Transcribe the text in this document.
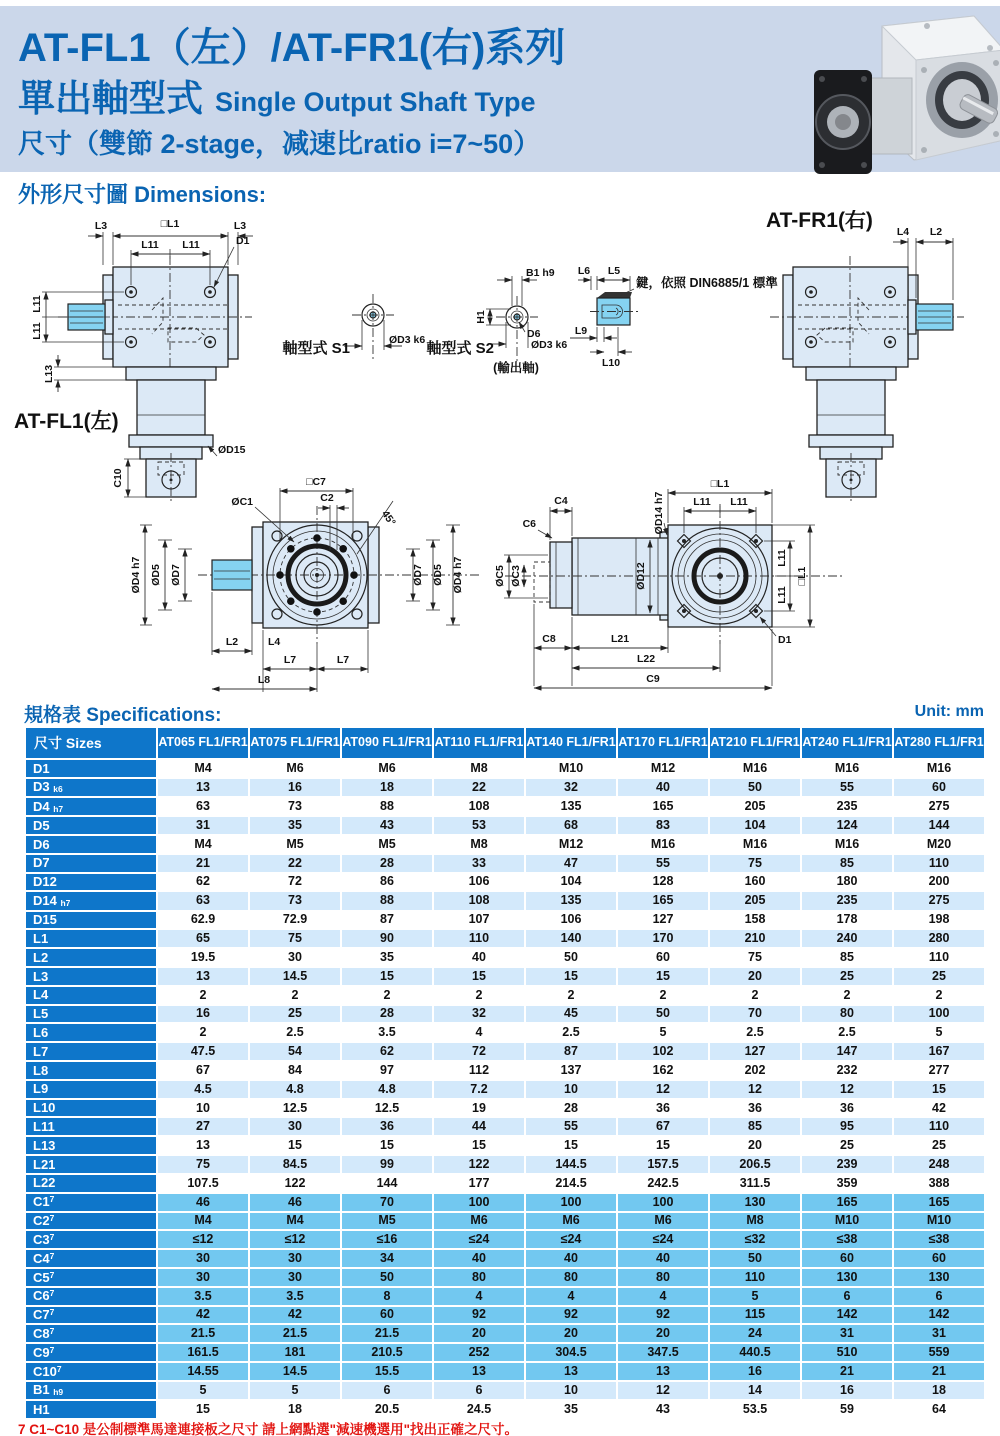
AT-FL1（左）/AT-FR1(右)系列
單出軸型式 Single Output Shaft Type
尺寸（雙節 2-stage，减速比ratio i=7~50）
外形尺寸圖 Dimensions:
L3	□L1	L3
L11 L11	D1
L11
L11
L13
C10
ØD15
AT-FL1(左)
ØD3 k6
軸型式 S1
B1 h9
H1
D6
ØD3 k6
軸型式 S2
(輸出軸)
L6 L5
鍵，依照 DIN6885/1 標準
L9
L10
AT-FR1(右) L4 L2
□C7
C2
ØC1
45°
ØD4 h7 ØD5 ØD7	ØD7 ØD5 ØD4 h7
L2	L4
L7	L7
L8
ØD12
ØD14 h7
□L1
L11 L11
C4
C6
ØC5 ØC3
L11
L11
□L1
D1
C8	L21
L22
C9
規格表 Specifications:	Unit: mm
尺寸 Sizes	AT065 FL1/FR1	AT075 FL1/FR1	AT090 FL1/FR1	AT110 FL1/FR1	AT140 FL1/FR1	AT170 FL1/FR1	AT210 FL1/FR1	AT240 FL1/FR1	AT280 FL1/FR1
D1	M4	M6	M6	M8	M10	M12	M16	M16	M16
D3 k6	13	16	18	22	32	40	50	55	60
D4 h7	63	73	88	108	135	165	205	235	275
D5	31	35	43	53	68	83	104	124	144
D6	M4	M5	M5	M8	M12	M16	M16	M16	M20
D7	21	22	28	33	47	55	75	85	110
D12	62	72	86	106	104	128	160	180	200
D14 h7	63	73	88	108	135	165	205	235	275
D15	62.9	72.9	87	107	106	127	158	178	198
L1	65	75	90	110	140	170	210	240	280
L2	19.5	30	35	40	50	60	75	85	110
L3	13	14.5	15	15	15	15	20	25	25
L4	2	2	2	2	2	2	2	2	2
L5	16	25	28	32	45	50	70	80	100
L6	2	2.5	3.5	4	2.5	5	2.5	2.5	5
L7	47.5	54	62	72	87	102	127	147	167
L8	67	84	97	112	137	162	202	232	277
L9	4.5	4.8	4.8	7.2	10	12	12	12	15
L10	10	12.5	12.5	19	28	36	36	36	42
L11	27	30	36	44	55	67	85	95	110
L13	13	15	15	15	15	15	20	25	25
L21	75	84.5	99	122	144.5	157.5	206.5	239	248
L22	107.5	122	144	177	214.5	242.5	311.5	359	388
$C1^7$	46	46	70	100	100	100	130	165	165
$C2^7$	M4	M4	M5	M6	M6	M6	M8	M10	M10
$C3^7$	≤12	≤12	≤16	≤24	≤24	≤24	≤32	≤38	≤38
$C4^7$	30	30	34	40	40	40	50	60	60
$C5^7$	30	30	50	80	80	80	110	130	130
$C6^7$	3.5	3.5	8	4	4	4	5	6	6
$C7^7$	42	42	60	92	92	92	115	142	142
$C8^7$	21.5	21.5	21.5	20	20	20	24	31	31
$C9^7$	161.5	181	210.5	252	304.5	347.5	440.5	510	559
$C10^7$	14.55	14.5	15.5	13	13	13	16	21	21
B1 h9	5	5	6	6	10	12	14	16	18
H1	15	18	20.5	24.5	35	43	53.5	59	64
7 C1~C10 是公制標準馬達連接板之尺寸 請上網點選"減速機選用"找出正確之尺寸。
